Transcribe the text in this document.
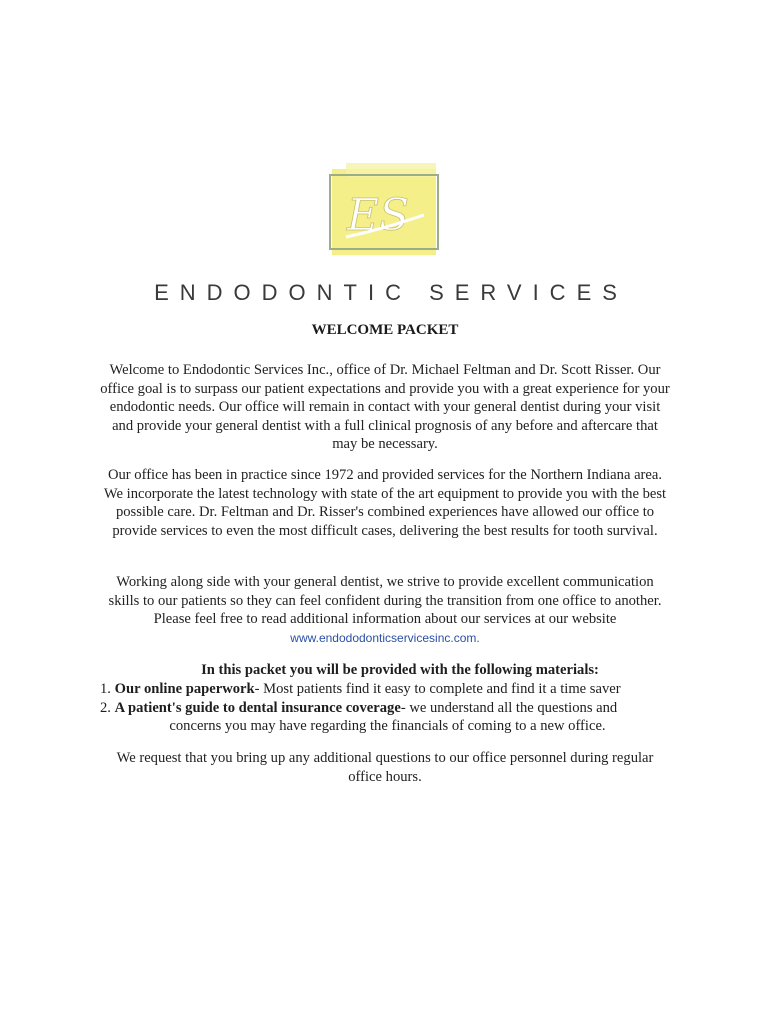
ES
ENDODONTIC SERVICES
WELCOME PACKET
Welcome to Endodontic Services Inc., office of Dr. Michael Feltman and Dr. Scott Risser. Our office goal is to surpass our patient expectations and provide you with a great experience for your endodontic needs. Our office will remain in contact with your general dentist during your visit and provide your general dentist with a full clinical prognosis of any before and aftercare that may be necessary.
Our office has been in practice since 1972 and provided services for the Northern Indiana area. We incorporate the latest technology with state of the art equipment to provide you with the best possible care. Dr. Feltman and Dr. Risser's combined experiences have allowed our office to provide services to even the most difficult cases, delivering the best results for tooth survival.
Working along side with your general dentist, we strive to provide excellent communication skills to our patients so they can feel confident during the transition from one office to another. Please feel free to read additional information about our services at our website www.endododonticservicesinc.com.
In this packet you will be provided with the following materials:
1. Our online paperwork- Most patients find it easy to complete and find it a time saver
2. A patient's guide to dental insurance coverage- we understand all the questions and
concerns you may have regarding the financials of coming to a new office.
We request that you bring up any additional questions to our office personnel during regular office hours.
